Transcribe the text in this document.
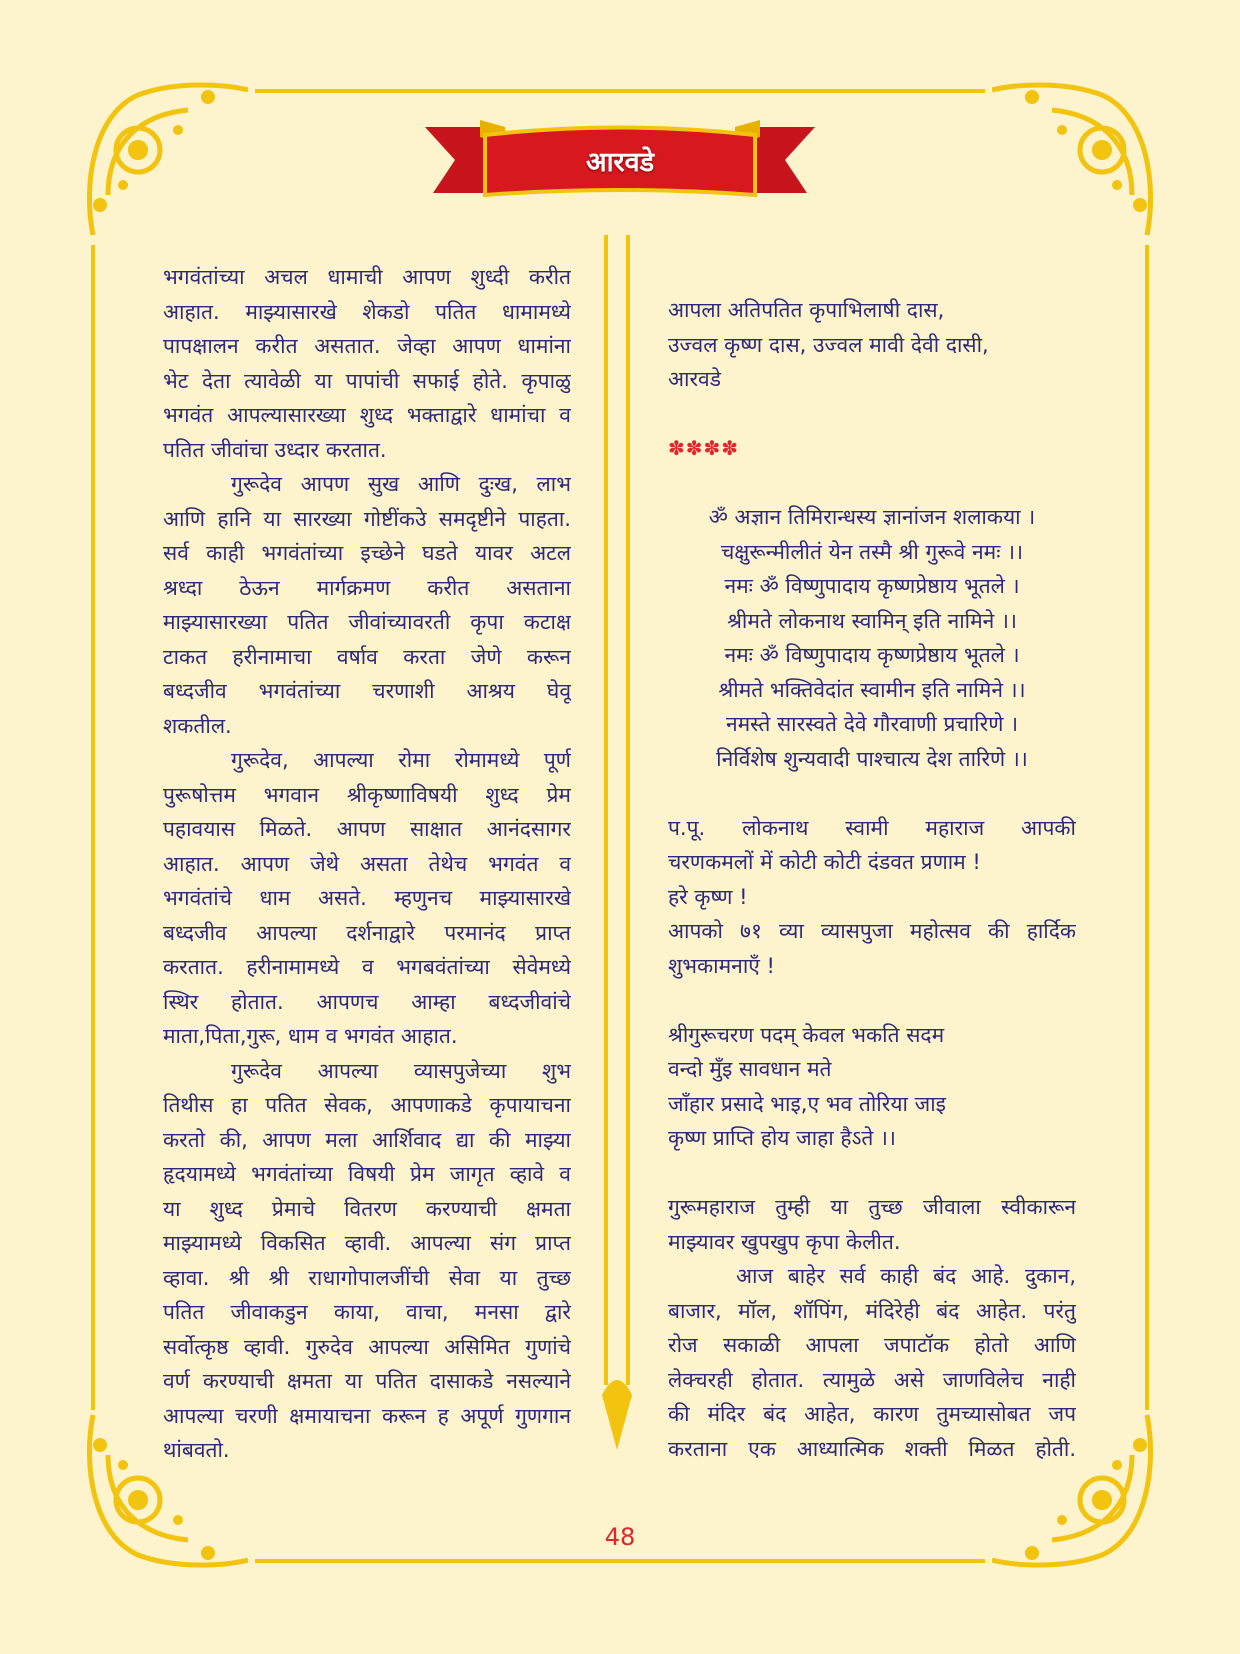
आरवडे
भगवंतांच्या अचल धामाची आपण शुध्दी करीत
आहात. माझ्यासारखे शेकडो पतित धामामध्ये
पापक्षालन करीत असतात. जेव्हा आपण धामांना
भेट देता त्यावेळी या पापांची सफाई होते. कृपाळु
भगवंत आपल्यासारख्या शुध्द भक्ताद्वारे धामांचा व
पतित जीवांचा उध्दार करतात.
गुरूदेव आपण सुख आणि दुःख, लाभ
आणि हानि या सारख्या गोष्टींकउे समदृष्टीने पाहता.
सर्व काही भगवंतांच्या इच्छेने घडते यावर अटल
श्रध्दा ठेऊन मार्गक्रमण करीत असताना
माझ्यासारख्या पतित जीवांच्यावरती कृपा कटाक्ष
टाकत हरीनामाचा वर्षाव करता जेणे करून
बध्दजीव भगवंतांच्या चरणाशी आश्रय घेवू
शकतील.
गुरूदेव, आपल्या रोमा रोमामध्ये पूर्ण
पुरूषोत्तम भगवान श्रीकृष्णाविषयी शुध्द प्रेम
पहावयास मिळते. आपण साक्षात आनंदसागर
आहात. आपण जेथे असता तेथेच भगवंत व
भगवंतांचे धाम असते. म्हणुनच माझ्यासारखे
बध्दजीव आपल्या दर्शनाद्वारे परमानंद प्राप्त
करतात. हरीनामामध्ये व भगबवंतांच्या सेवेमध्ये
स्थिर होतात. आपणच आम्हा बध्दजीवांचे
माता,पिता,गुरू, धाम व भगवंत आहात.
गुरूदेव आपल्या व्यासपुजेच्या शुभ
तिथीस हा पतित सेवक, आपणाकडे कृपायाचना
करतो की, आपण मला आर्शिवाद द्या की माझ्या
हृदयामध्ये भगवंतांच्या विषयी प्रेम जागृत व्हावे व
या शुध्द प्रेमाचे वितरण करण्याची क्षमता
माझ्यामध्ये विकसित व्हावी. आपल्या संग प्राप्त
व्हावा. श्री श्री राधागोपालजींची सेवा या तुच्छ
पतित जीवाकडुन काया, वाचा, मनसा द्वारे
सर्वोत्कृष्ठ व्हावी. गुरुदेव आपल्या असिमित गुणांचे
वर्ण करण्याची क्षमता या पतित दासाकडे नसल्याने
आपल्या चरणी क्षमायाचना करून ह अपूर्ण गुणगान
थांबवतो.
आपला अतिपतित कृपाभिलाषी दास,
उज्वल कृष्ण दास, उज्वल मावी देवी दासी,
आरवडे
✽✽✽✽
ॐ अज्ञान तिमिरान्धस्य ज्ञानांजन शलाकया ।
चक्षुरून्मीलीतं येन तस्मै श्री गुरूवे नमः ।।
नमः ॐ विष्णुपादाय कृष्णप्रेष्ठाय भूतले ।
श्रीमते लोकनाथ स्वामिन् इति नामिने ।।
नमः ॐ विष्णुपादाय कृष्णप्रेष्ठाय भूतले ।
श्रीमते भक्तिवेदांत स्वामीन इति नामिने ।।
नमस्ते सारस्वते देवे गौरवाणी प्रचारिणे ।
निर्विशेष शुन्यवादी पाश्चात्य देश तारिणे ।।
प.पू. लोकनाथ स्वामी महाराज आपकी
चरणकमलों में कोटी कोटी दंडवत प्रणाम !
हरे कृष्ण !
आपको ७१ व्या व्यासपुजा महोत्सव की हार्दिक
शुभकामनाएँ !
श्रीगुरूचरण पदम् केवल भकति सदम
वन्दो मुँइ सावधान मते
जाँहार प्रसादे भाइ,ए भव तोरिया जाइ
कृष्ण प्राप्ति होय जाहा हैऽते ।।
गुरूमहाराज तुम्ही या तुच्छ जीवाला स्वीकारून
माझ्यावर खुपखुप कृपा केलीत.
आज बाहेर सर्व काही बंद आहे. दुकान,
बाजार, मॉल, शॉपिंग, मंदिरेही बंद आहेत. परंतु
रोज सकाळी आपला जपाटॉक होतो आणि
लेक्चरही होतात. त्यामुळे असे जाणविलेच नाही
की मंदिर बंद आहेत, कारण तुमच्यासोबत जप
करताना एक आध्यात्मिक शक्ती मिळत होती.
48
